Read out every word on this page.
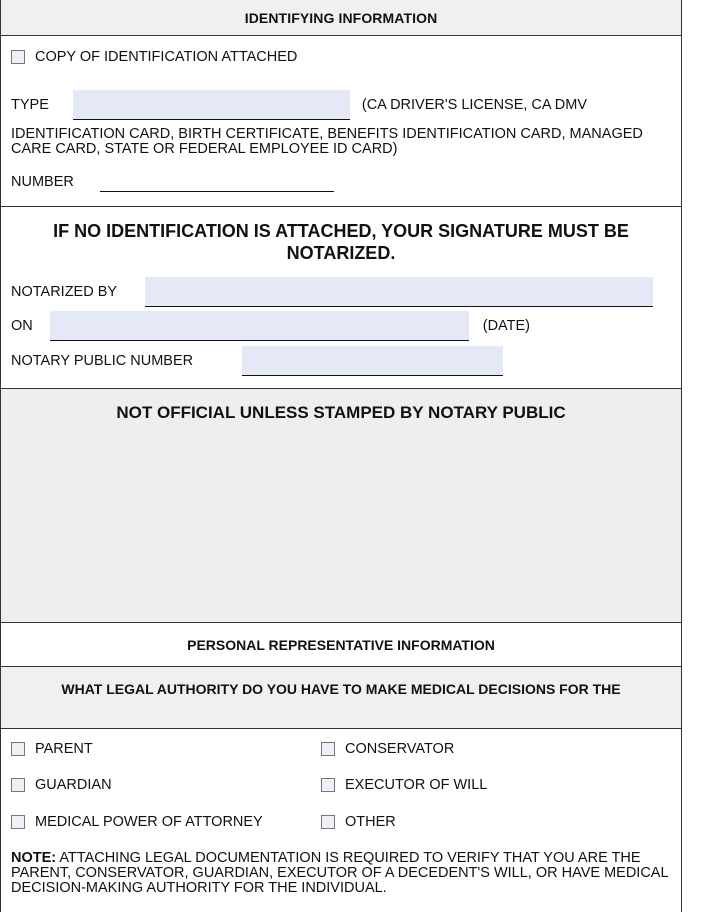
IDENTIFYING INFORMATION
COPY OF IDENTIFICATION ATTACHED
TYPE	(CA DRIVER'S LICENSE, CA DMV
IDENTIFICATION CARD, BIRTH CERTIFICATE, BENEFITS IDENTIFICATION CARD, MANAGED CARE CARD, STATE OR FEDERAL EMPLOYEE ID CARD)
NUMBER
IF NO IDENTIFICATION IS ATTACHED, YOUR SIGNATURE MUST BE NOTARIZED.
NOTARIZED BY
ON	(DATE)
NOTARY PUBLIC NUMBER
NOT OFFICIAL UNLESS STAMPED BY NOTARY PUBLIC
PERSONAL REPRESENTATIVE INFORMATION
WHAT LEGAL AUTHORITY DO YOU HAVE TO MAKE MEDICAL DECISIONS FOR THE
PARENT	CONSERVATOR
GUARDIAN	EXECUTOR OF WILL
MEDICAL POWER OF ATTORNEY	OTHER
NOTE: ATTACHING LEGAL DOCUMENTATION IS REQUIRED TO VERIFY THAT YOU ARE THE PARENT, CONSERVATOR, GUARDIAN, EXECUTOR OF A DECEDENT'S WILL, OR HAVE MEDICAL DECISION-MAKING AUTHORITY FOR THE INDIVIDUAL.
